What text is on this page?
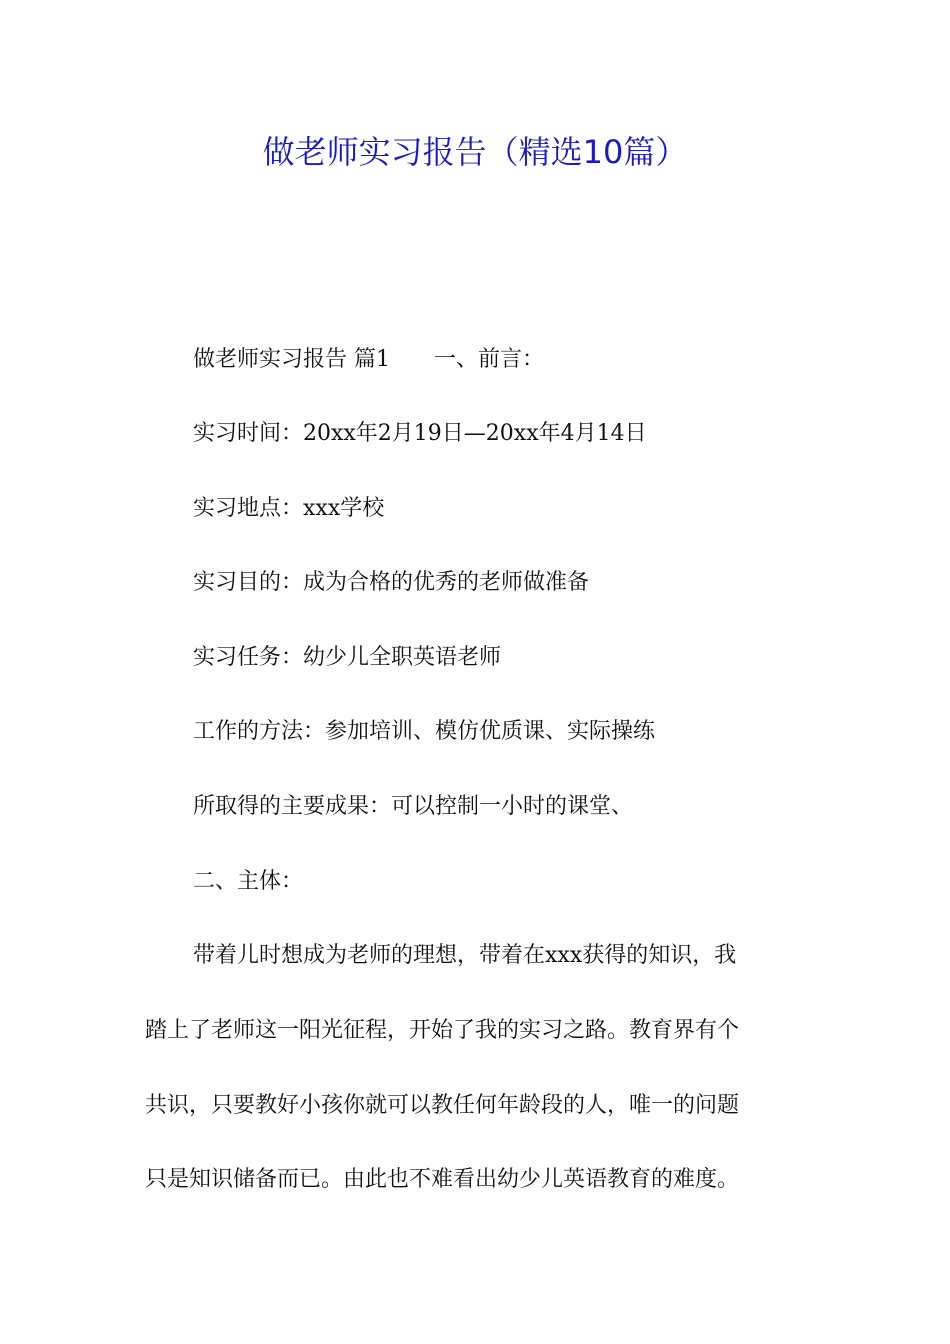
做老师实习报告（精选10篇）

做老师实习报告 篇1 一、前言：

实习时间：20xx年2月19日—20xx年4月14日

实习地点：xxx学校

实习目的：成为合格的优秀的老师做准备

实习任务：幼少儿全职英语老师

工作的方法：参加培训、模仿优质课、实际操练

所取得的主要成果：可以控制一小时的课堂、

二、主体：

带着儿时想成为老师的理想，带着在xxx获得的知识，我

踏上了老师这一阳光征程，开始了我的实习之路。教育界有个

共识，只要教好小孩你就可以教任何年龄段的人，唯一的问题

只是知识储备而已。由此也不难看出幼少儿英语教育的难度。
